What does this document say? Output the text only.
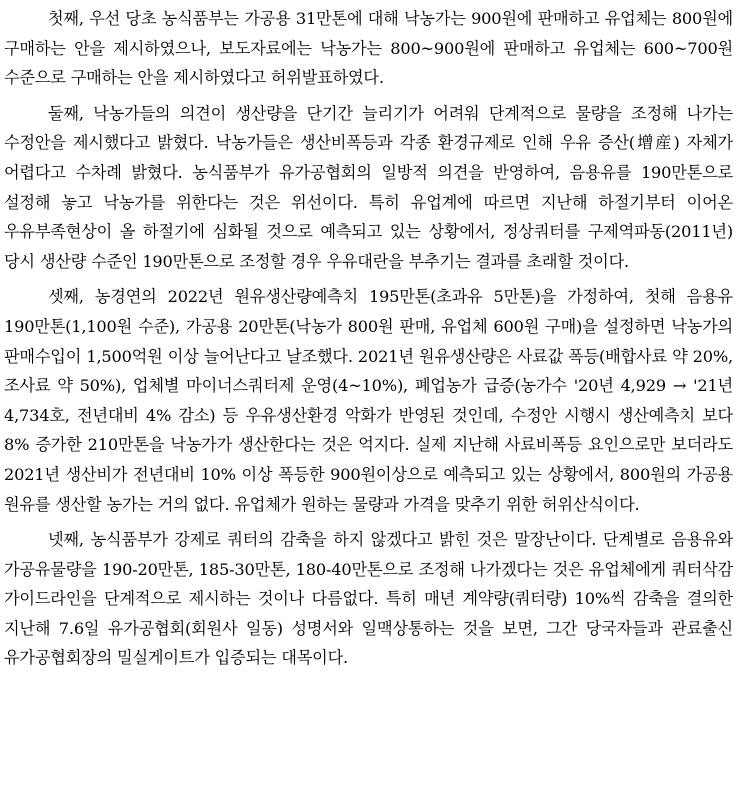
첫째, 우선 당초 농식품부는 가공용 31만톤에 대해 낙농가는 900원에 판매하고 유업체는 800원에 구매하는 안을 제시하였으나, 보도자료에는 낙농가는 800~900원에 판매하고 유업체는 600~700원 수준으로 구매하는 안을 제시하였다고 허위발표하였다.

둘째, 낙농가들의 의견이 생산량을 단기간 늘리기가 어려워 단계적으로 물량을 조정해 나가는 수정안을 제시했다고 밝혔다. 낙농가들은 생산비폭등과 각종 환경규제로 인해 우유 증산(增産) 자체가 어렵다고 수차례 밝혔다. 농식품부가 유가공협회의 일방적 의견을 반영하여, 음용유를 190만톤으로 설정해 놓고 낙농가를 위한다는 것은 위선이다. 특히 유업계에 따르면 지난해 하절기부터 이어온 우유부족현상이 올 하절기에 심화될 것으로 예측되고 있는 상황에서, 정상쿼터를 구제역파동(2011년) 당시 생산량 수준인 190만톤으로 조정할 경우 우유대란을 부추기는 결과를 초래할 것이다.

셋째, 농경연의 2022년 원유생산량예측치 195만톤(초과유 5만톤)을 가정하여, 첫해 음용유 190만톤(1,100원 수준), 가공용 20만톤(낙농가 800원 판매, 유업체 600원 구매)을 설정하면 낙농가의 판매수입이 1,500억원 이상 늘어난다고 날조했다. 2021년 원유생산량은 사료값 폭등(배합사료 약 20%, 조사료 약 50%), 업체별 마이너스쿼터제 운영(4~10%), 폐업농가 급증(농가수 '20년 4,929 → '21년 4,734호, 전년대비 4% 감소) 등 우유생산환경 악화가 반영된 것인데, 수정안 시행시 생산예측치 보다 8% 증가한 210만톤을 낙농가가 생산한다는 것은 억지다. 실제 지난해 사료비폭등 요인으로만 보더라도 2021년 생산비가 전년대비 10% 이상 폭등한 900원이상으로 예측되고 있는 상황에서, 800원의 가공용 원유를 생산할 농가는 거의 없다. 유업체가 원하는 물량과 가격을 맞추기 위한 허위산식이다.

넷째, 농식품부가 강제로 쿼터의 감축을 하지 않겠다고 밝힌 것은 말장난이다. 단계별로 음용유와 가공유물량을 190-20만톤, 185-30만톤, 180-40만톤으로 조정해 나가겠다는 것은 유업체에게 쿼터삭감 가이드라인을 단계적으로 제시하는 것이나 다름없다. 특히 매년 계약량(쿼터량) 10%씩 감축을 결의한 지난해 7.6일 유가공협회(회원사 일동) 성명서와 일맥상통하는 것을 보면, 그간 당국자들과 관료출신 유가공협회장의 밀실게이트가 입증되는 대목이다.
